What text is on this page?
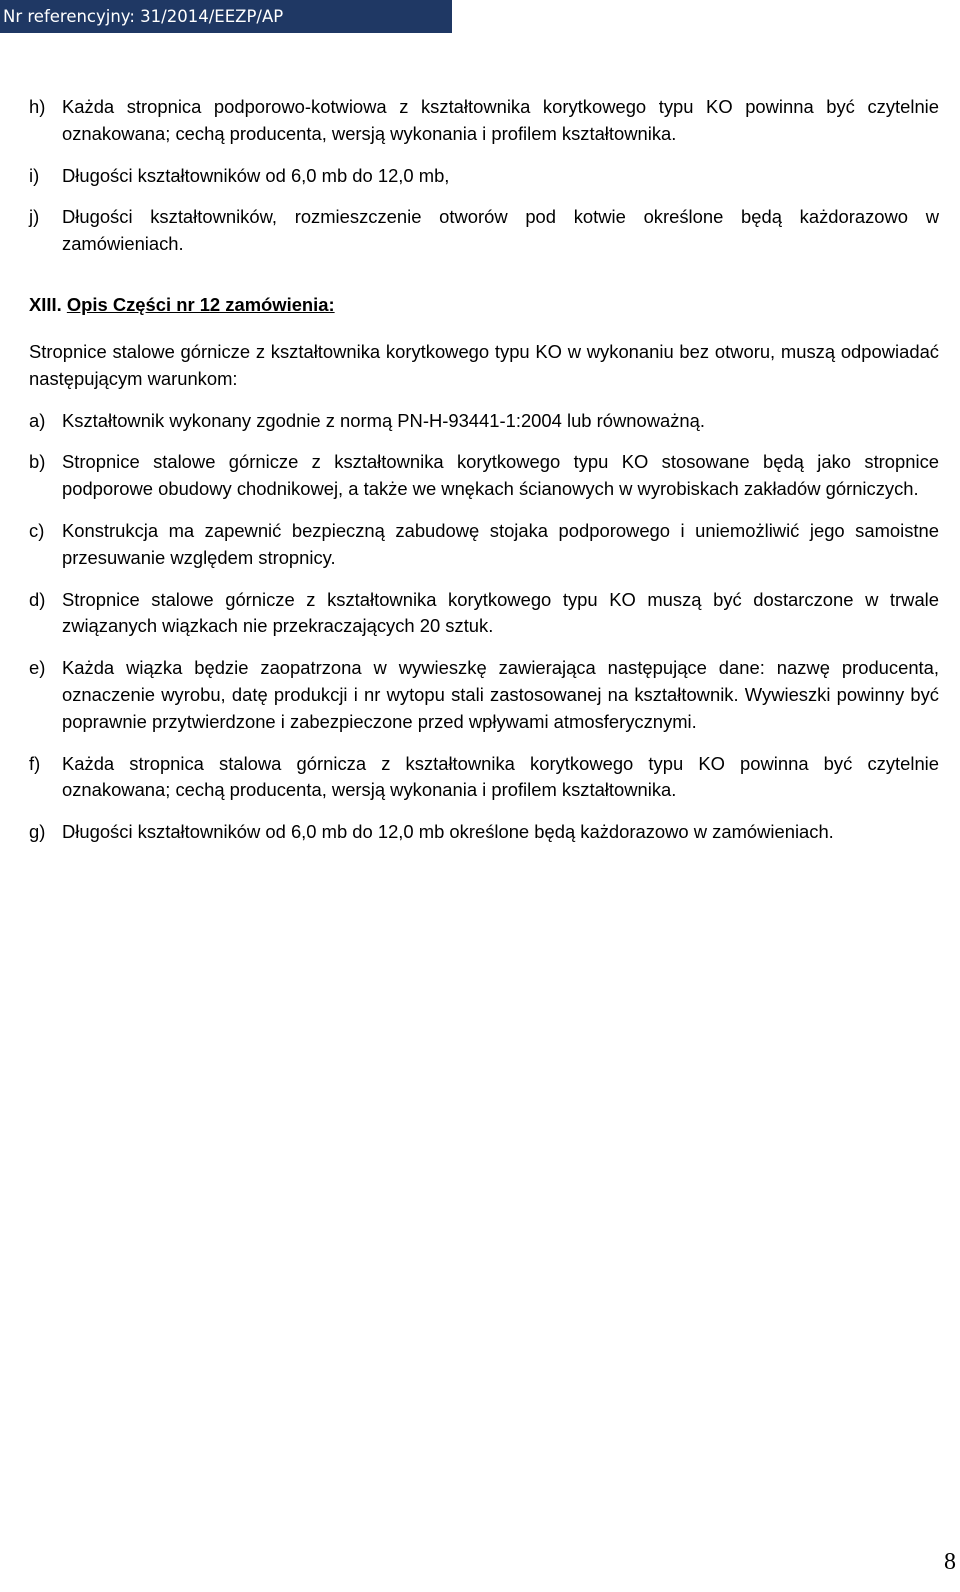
Nr referencyjny: 31/2014/EEZP/AP
h) Każda stropnica podporowo-kotwiowa z kształtownika korytkowego typu KO powinna być czytelnie oznakowana; cechą producenta, wersją wykonania i profilem kształtownika.
i) Długości kształtowników od 6,0 mb do 12,0 mb,
j) Długości kształtowników, rozmieszczenie otworów pod kotwie określone będą każdorazowo w zamówieniach.
XIII. Opis Części nr 12 zamówienia:
Stropnice stalowe górnicze z kształtownika korytkowego typu KO w wykonaniu bez otworu, muszą odpowiadać następującym warunkom:
a) Kształtownik wykonany zgodnie z normą PN-H-93441-1:2004 lub równoważną.
b) Stropnice stalowe górnicze z kształtownika korytkowego typu KO stosowane będą jako stropnice podporowe obudowy chodnikowej, a także we wnękach ścianowych w wyrobiskach zakładów górniczych.
c) Konstrukcja ma zapewnić bezpieczną zabudowę stojaka podporowego i uniemożliwić jego samoistne przesuwanie względem stropnicy.
d) Stropnice stalowe górnicze z kształtownika korytkowego typu KO muszą być dostarczone w trwale związanych wiązkach nie przekraczających 20 sztuk.
e) Każda wiązka będzie zaopatrzona w wywieszkę zawierająca następujące dane: nazwę producenta, oznaczenie wyrobu, datę produkcji i nr wytopu stali zastosowanej na kształtownik. Wywieszki powinny być poprawnie przytwierdzone i zabezpieczone przed wpływami atmosferycznymi.
f) Każda stropnica stalowa górnicza z kształtownika korytkowego typu KO powinna być czytelnie oznakowana; cechą producenta, wersją wykonania i profilem kształtownika.
g) Długości kształtowników od 6,0 mb do 12,0 mb określone będą każdorazowo w zamówieniach.
8
